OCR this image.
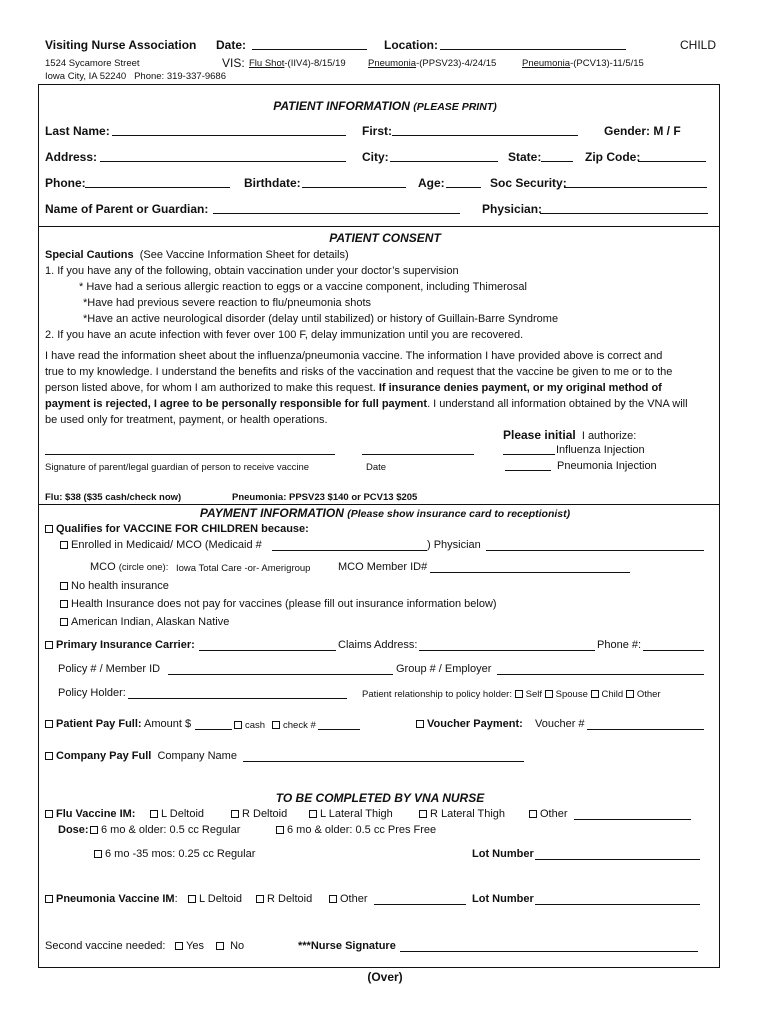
Visiting Nurse Association Date:	Location:	CHILD
1524 Sycamore Street	VIS: Flu Shot-(IIV4)-8/15/19 Pneumonia-(PPSV23)-4/24/15	Pneumonia-(PCV13)-11/5/15
Iowa City, IA 52240 Phone: 319-337-9686
PATIENT INFORMATION (PLEASE PRINT)
Last Name:	First:	Gender: M / F
Address:	City:	State:	Zip Code:
Phone:	Birthdate:	Age:	Soc Security:
Name of Parent or Guardian:	Physician:
PATIENT CONSENT
Special Cautions (See Vaccine Information Sheet for details)
1. If you have any of the following, obtain vaccination under your doctor’s supervision
* Have had a serious allergic reaction to eggs or a vaccine component, including Thimerosal
*Have had previous severe reaction to flu/pneumonia shots
*Have an active neurological disorder (delay until stabilized) or history of Guillain-Barre Syndrome
2. If you have an acute infection with fever over 100 F, delay immunization until you are recovered.
I have read the information sheet about the influenza/pneumonia vaccine. The information I have provided above is correct and
true to my knowledge. I understand the benefits and risks of the vaccination and request that the vaccine be given to me or to the
person listed above, for whom I am authorized to make this request. If insurance denies payment, or my original method of
payment is rejected, I agree to be personally responsible for full payment. I understand all information obtained by the VNA will
be used only for treatment, payment, or health operations.
Please initial I authorize:
Influenza Injection
Signature of parent/legal guardian of person to receive vaccine	Date	Pneumonia Injection
Flu: $38 ($35 cash/check now)	Pneumonia: PPSV23 $140 or PCV13 $205
PAYMENT INFORMATION (Please show insurance card to receptionist)
Qualifies for VACCINE FOR CHILDREN because:
Enrolled in Medicaid/ MCO (Medicaid #	) Physician
MCO (circle one): Iowa Total Care -or- Amerigroup	MCO Member ID#
No health insurance
Health Insurance does not pay for vaccines (please fill out insurance information below)
American Indian, Alaskan Native
Primary Insurance Carrier:	Claims Address:	Phone #:
Policy # / Member ID	Group # / Employer
Policy Holder:	Patient relationship to policy holder: Self Spouse Child Other
Patient Pay Full: Amount $	cash	check #	Voucher Payment: Voucher #
Company Pay Full Company Name
TO BE COMPLETED BY VNA NURSE
Flu Vaccine IM:	L Deltoid	R Deltoid	L Lateral Thigh	R Lateral Thigh	Other
Dose:	6 mo & older: 0.5 cc Regular	6 mo & older: 0.5 cc Pres Free
6 mo -35 mos: 0.25 cc Regular	Lot Number
Pneumonia Vaccine IM:	L Deltoid	R Deltoid	Other	Lot Number
Second vaccine needed:	Yes	No	***Nurse Signature
(Over)
